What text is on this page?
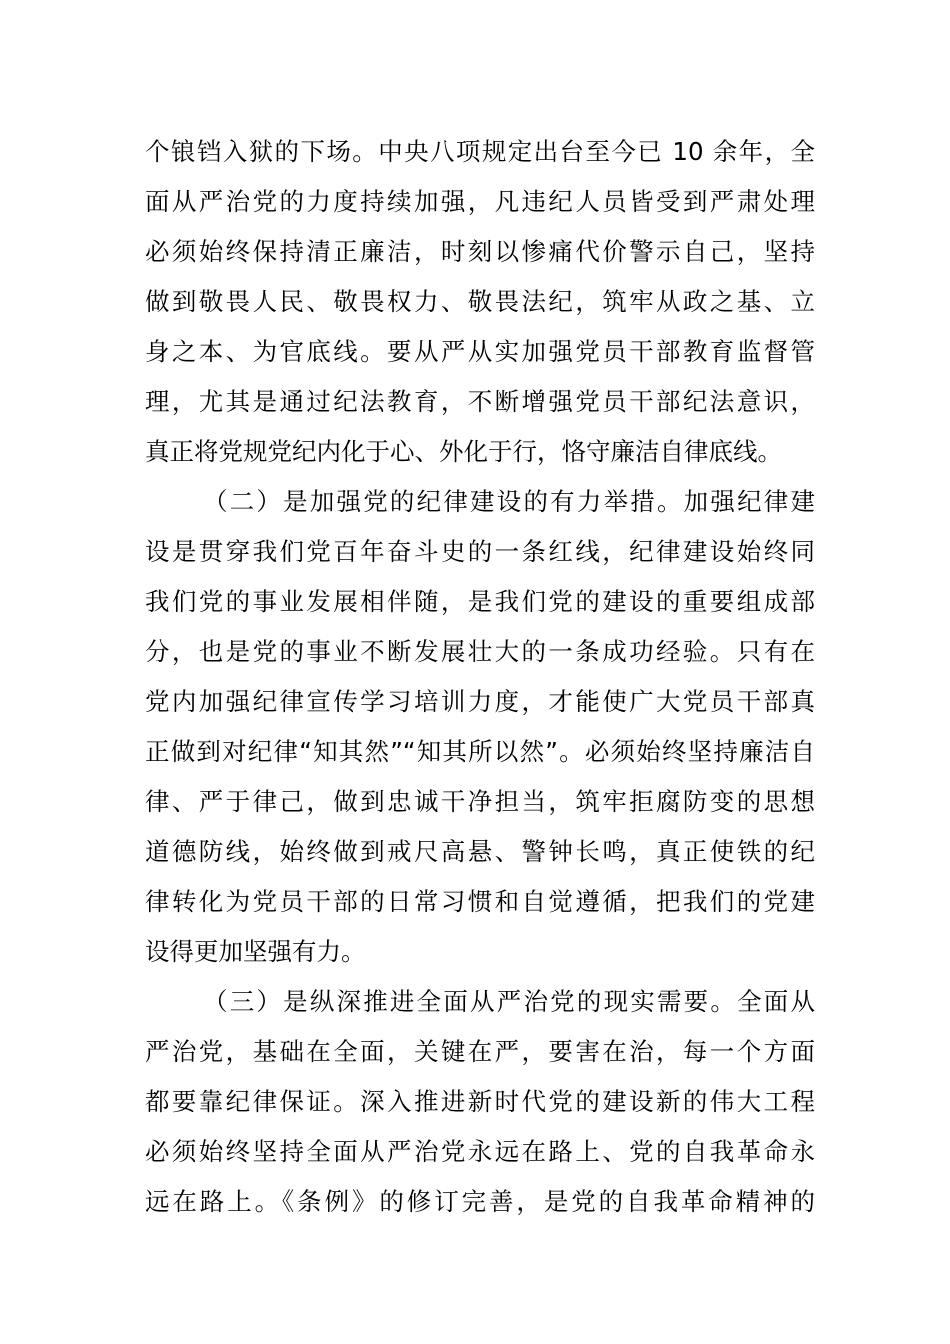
个锒铛入狱的下场。中央八项规定出台至今已 10 余年，全
面从严治党的力度持续加强，凡违纪人员皆受到严肃处理
必须始终保持清正廉洁，时刻以惨痛代价警示自己，坚持
做到敬畏人民、敬畏权力、敬畏法纪，筑牢从政之基、立
身之本、为官底线。要从严从实加强党员干部教育监督管
理，尤其是通过纪法教育，不断增强党员干部纪法意识，
真正将党规党纪内化于心、外化于行，恪守廉洁自律底线。
（二）是加强党的纪律建设的有力举措。加强纪律建
设是贯穿我们党百年奋斗史的一条红线，纪律建设始终同
我们党的事业发展相伴随，是我们党的建设的重要组成部
分，也是党的事业不断发展壮大的一条成功经验。只有在
党内加强纪律宣传学习培训力度，才能使广大党员干部真
正做到对纪律“知其然”“知其所以然”。必须始终坚持廉洁自
律、严于律己，做到忠诚干净担当，筑牢拒腐防变的思想
道德防线，始终做到戒尺高悬、警钟长鸣，真正使铁的纪
律转化为党员干部的日常习惯和自觉遵循，把我们的党建
设得更加坚强有力。
（三）是纵深推进全面从严治党的现实需要。全面从
严治党，基础在全面，关键在严，要害在治，每一个方面
都要靠纪律保证。深入推进新时代党的建设新的伟大工程
必须始终坚持全面从严治党永远在路上、党的自我革命永
远在路上。《条例》的修订完善，是党的自我革命精神的
